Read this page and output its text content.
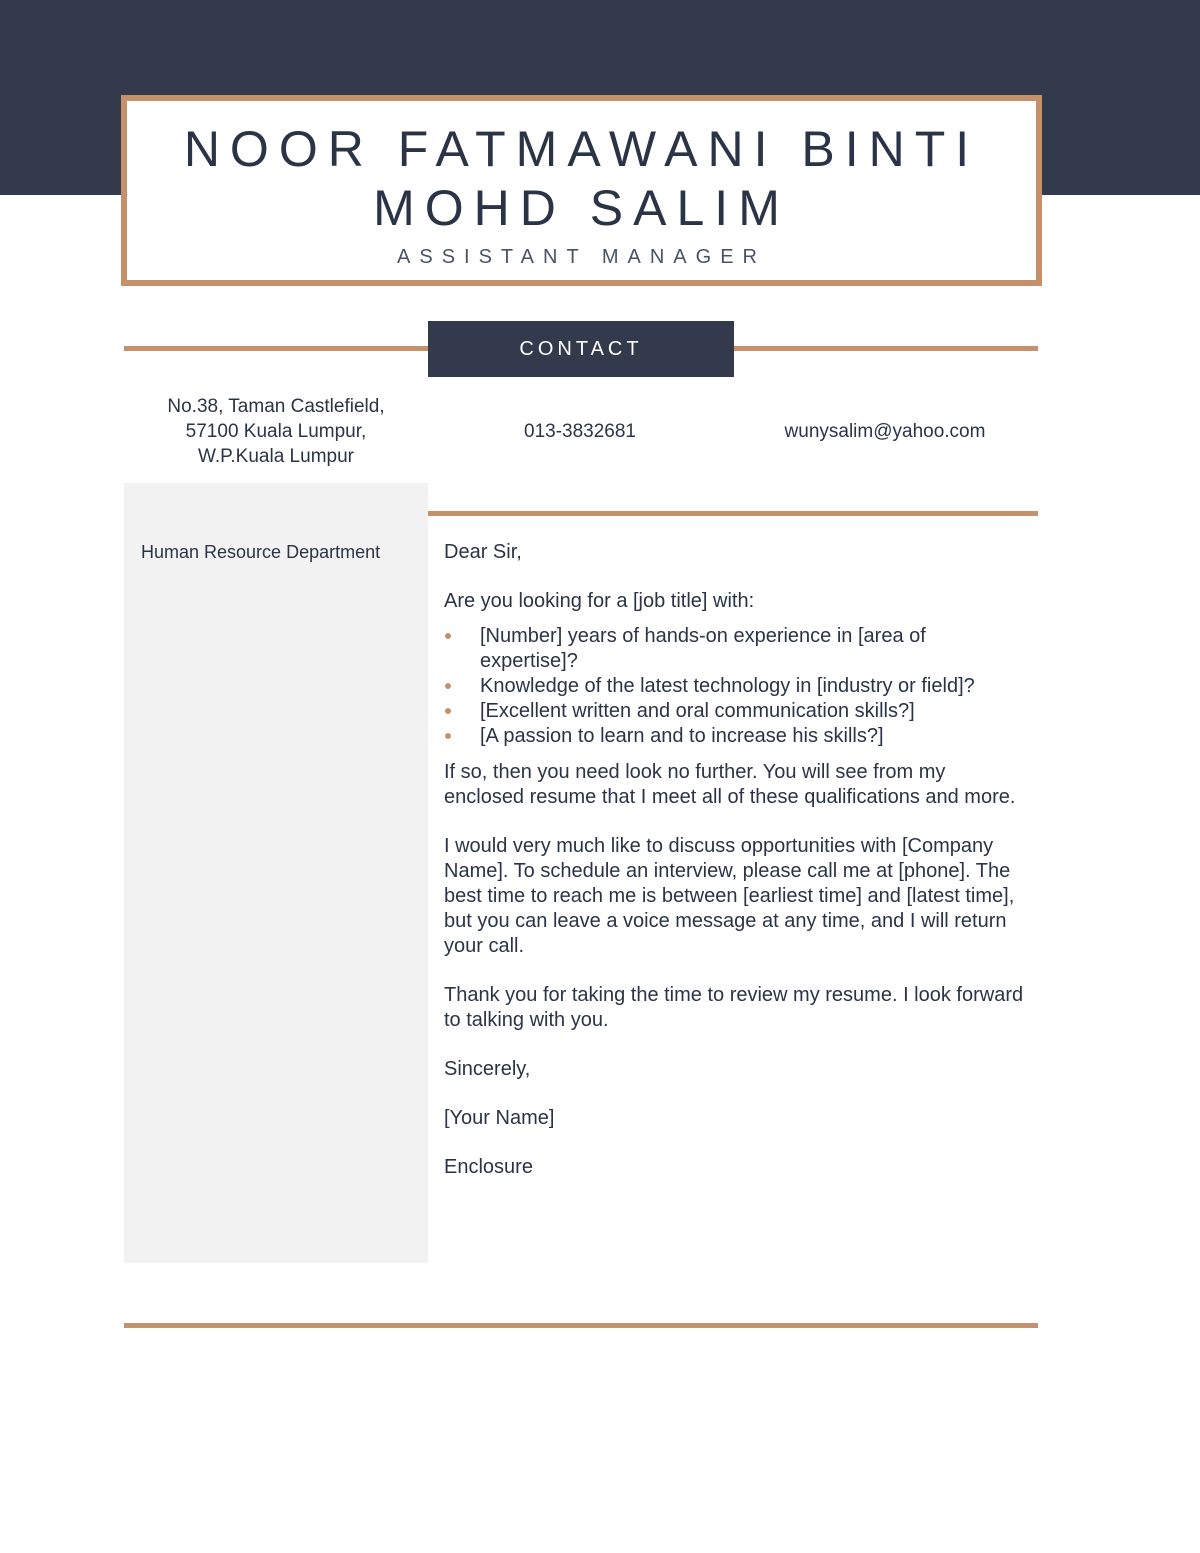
NOOR FATMAWANI BINTI
MOHD SALIM
ASSISTANT MANAGER
CONTACT
No.38, Taman Castlefield,
57100 Kuala Lumpur,
W.P.Kuala Lumpur
013-3832681	wunysalim@yahoo.com
Human Resource Department	Dear Sir,

Are you looking for a [job title] with:

[Number] years of hands-on experience in [area of expertise]?
Knowledge of the latest technology in [industry or field]?
[Excellent written and oral communication skills?]
[A passion to learn and to increase his skills?]

If so, then you need look no further. You will see from my enclosed resume that I meet all of these qualifications and more.

I would very much like to discuss opportunities with [Company Name]. To schedule an interview, please call me at [phone]. The best time to reach me is between [earliest time] and [latest time], but you can leave a voice message at any time, and I will return your call.

Thank you for taking the time to review my resume. I look forward to talking with you.

Sincerely,

[Your Name]

Enclosure
